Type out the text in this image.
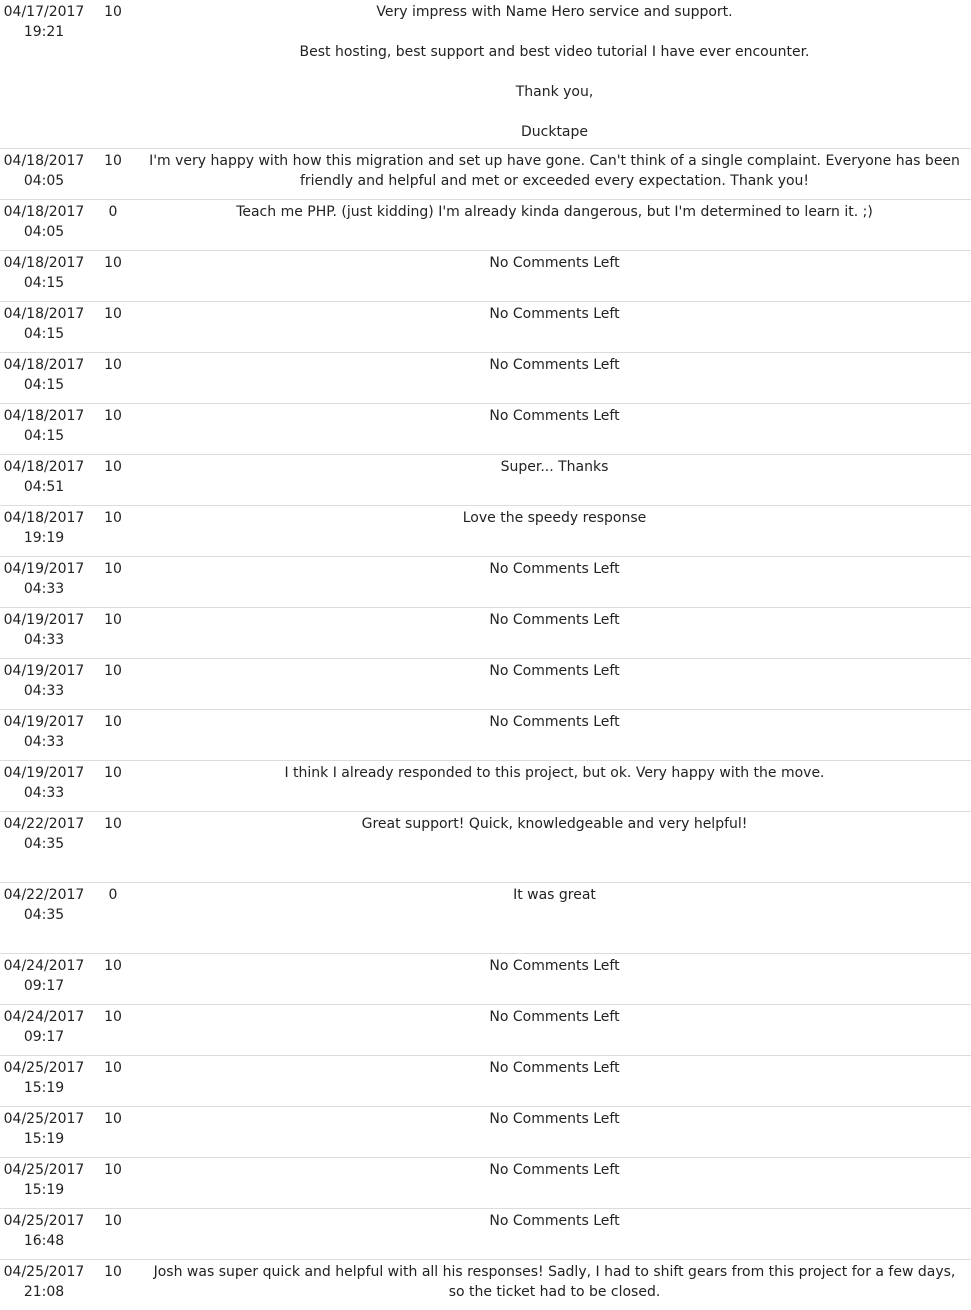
04/17/2017
19:21	10	Very impress with Name Hero service and support.
Best hosting, best support and best video tutorial I have ever encounter.
Thank you,
Ducktape

04/18/2017
04:05	10	I'm very happy with how this migration and set up have gone. Can't think of a single complaint. Everyone has been friendly and helpful and met or exceeded every expectation. Thank you!

04/18/2017
04:05	0	Teach me PHP. (just kidding) I'm already kinda dangerous, but I'm determined to learn it. ;)

04/18/2017
04:15	10	No Comments Left

04/18/2017
04:15	10	No Comments Left

04/18/2017
04:15	10	No Comments Left

04/18/2017
04:15	10	No Comments Left

04/18/2017
04:51	10	Super... Thanks

04/18/2017
19:19	10	Love the speedy response

04/19/2017
04:33	10	No Comments Left

04/19/2017
04:33	10	No Comments Left

04/19/2017
04:33	10	No Comments Left

04/19/2017
04:33	10	No Comments Left

04/19/2017
04:33	10	I think I already responded to this project, but ok. Very happy with the move.

04/22/2017
04:35	10	Great support! Quick, knowledgeable and very helpful!

04/22/2017
04:35	0	It was great

04/24/2017
09:17	10	No Comments Left

04/24/2017
09:17	10	No Comments Left

04/25/2017
15:19	10	No Comments Left

04/25/2017
15:19	10	No Comments Left

04/25/2017
15:19	10	No Comments Left

04/25/2017
16:48	10	No Comments Left

04/25/2017
21:08	10	Josh was super quick and helpful with all his responses! Sadly, I had to shift gears from this project for a few days, so the ticket had to be closed.
